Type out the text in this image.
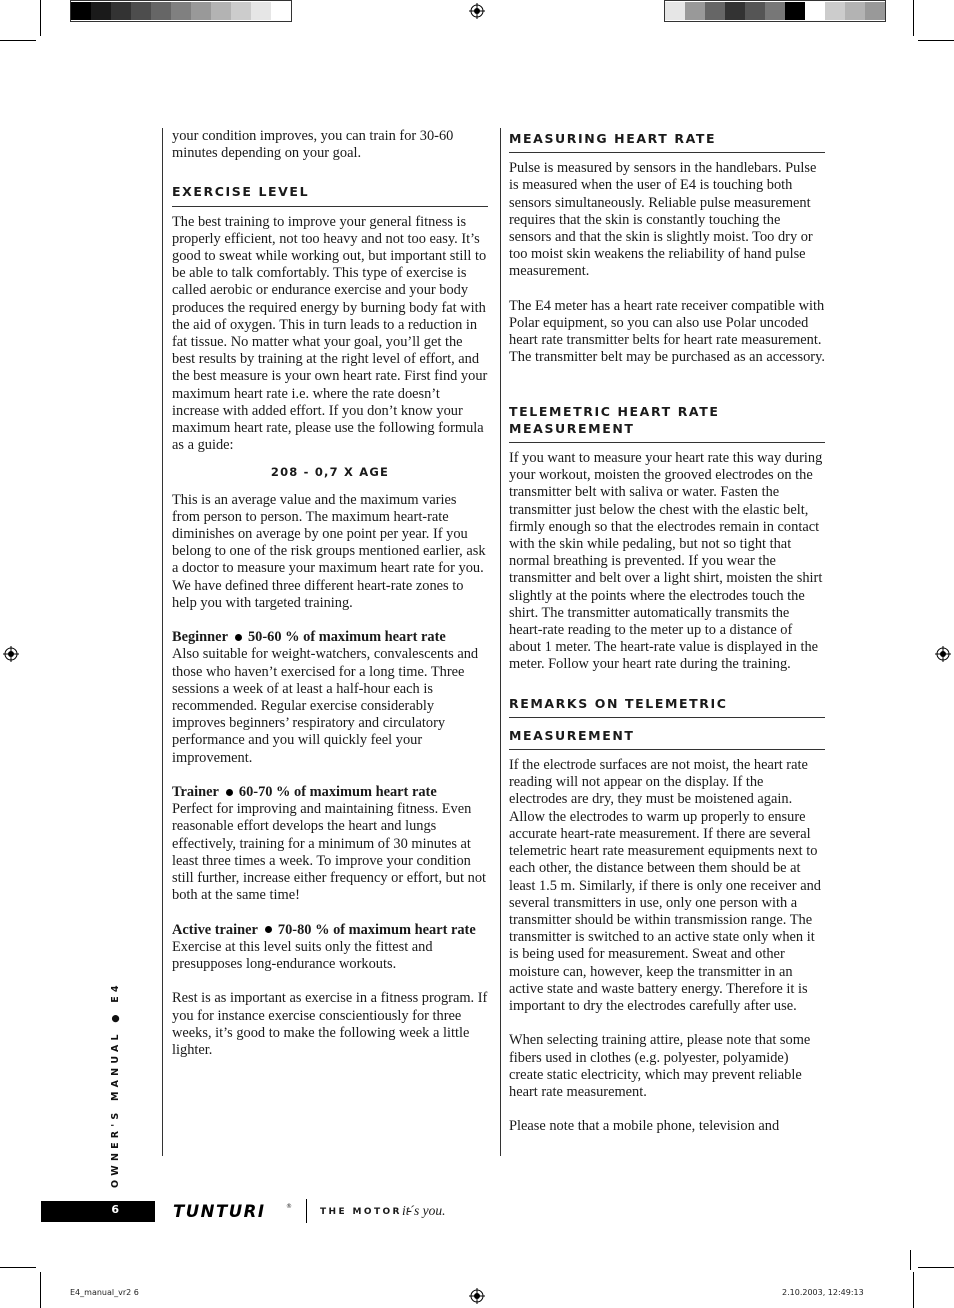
your condition improves, you can train for 30-60 minutes depending on your goal.

EXERCISE LEVEL

The best training to improve your general fitness is properly efficient, not too heavy and not too easy. It’s good to sweat while working out, but important still to be able to talk comfortably. This type of exercise is called aerobic or endurance exercise and your body produces the required energy by burning body fat with the aid of oxygen. This in turn leads to a reduction in fat tissue. No matter what your goal, you’ll get the best results by training at the right level of effort, and the best measure is your own heart rate. First find your maximum heart rate i.e. where the rate doesn’t increase with added effort. If you don’t know your maximum heart rate, please use the following formula as a guide:

208 - 0,7 X AGE

This is an average value and the maximum varies from person to person. The maximum heart-rate diminishes on average by one point per year. If you belong to one of the risk groups mentioned earlier, ask a doctor to measure your maximum heart rate for you. We have defined three different heart-rate zones to help you with targeted training.

Beginner 50-60 % of maximum heart rate

Also suitable for weight-watchers, convalescents and those who haven’t exercised for a long time. Three sessions a week of at least a half-hour each is recommended. Regular exercise considerably improves beginners’ respiratory and circulatory performance and you will quickly feel your improvement.

Trainer 60-70 % of maximum heart rate

Perfect for improving and maintaining fitness. Even reasonable effort develops the heart and lungs effectively, training for a minimum of 30 minutes at least three times a week. To improve your condition still further, increase either frequency or effort, but not both at the same time!

Active trainer 70-80 % of maximum heart rate

Exercise at this level suits only the fittest and presupposes long-endurance workouts.

Rest is as important as exercise in a fitness program. If you for instance exercise conscientiously for three weeks, it’s good to make the following week a little lighter.

MEASURING HEART RATE

Pulse is measured by sensors in the handlebars. Pulse is measured when the user of E4 is touching both sensors simultaneously. Reliable pulse measurement requires that the skin is constantly touching the sensors and that the skin is slightly moist. Too dry or too moist skin weakens the reliability of hand pulse measurement.

The E4 meter has a heart rate receiver compatible with Polar equipment, so you can also use Polar uncoded heart rate transmitter belts for heart rate measurement. The transmitter belt may be purchased as an accessory.

TELEMETRIC HEART RATE MEASUREMENT

If you want to measure your heart rate this way during your workout, moisten the grooved electrodes on the transmitter belt with saliva or water. Fasten the transmitter just below the chest with the elastic belt, firmly enough so that the electrodes remain in contact with the skin while pedaling, but not so tight that normal breathing is prevented. If you wear the transmitter and belt over a light shirt, moisten the shirt slightly at the points where the electrodes touch the shirt. The transmitter automatically transmits the heart-rate reading to the meter up to a distance of about 1 meter. The heart-rate value is displayed in the meter. Follow your heart rate during the training.

REMARKS ON TELEMETRIC
MEASUREMENT

If the electrode surfaces are not moist, the heart rate reading will not appear on the display. If the electrodes are dry, they must be moistened again. Allow the electrodes to warm up properly to ensure accurate heart-rate measurement. If there are several telemetric heart rate measurement equipments next to each other, the distance between them should be at least 1.5 m. Similarly, if there is only one receiver and several transmitters in use, only one person with a transmitter should be within transmission range. The transmitter is switched to an active state only when it is being used for measurement. Sweat and other moisture can, however, keep the transmitter in an active state and waste battery energy. Therefore it is important to dry the electrodes carefully after use.

When selecting training attire, please note that some fibers used in clothes (e.g. polyester, polyamide) create static electricity, which may prevent reliable heart rate measurement.

Please note that a mobile phone, television and

OWNER'S MANUAL ● E4
6	TUNTURI	®
THE MOTOR –
it´s you.
E4_manual_vr2 6	2.10.2003, 12:49:13
